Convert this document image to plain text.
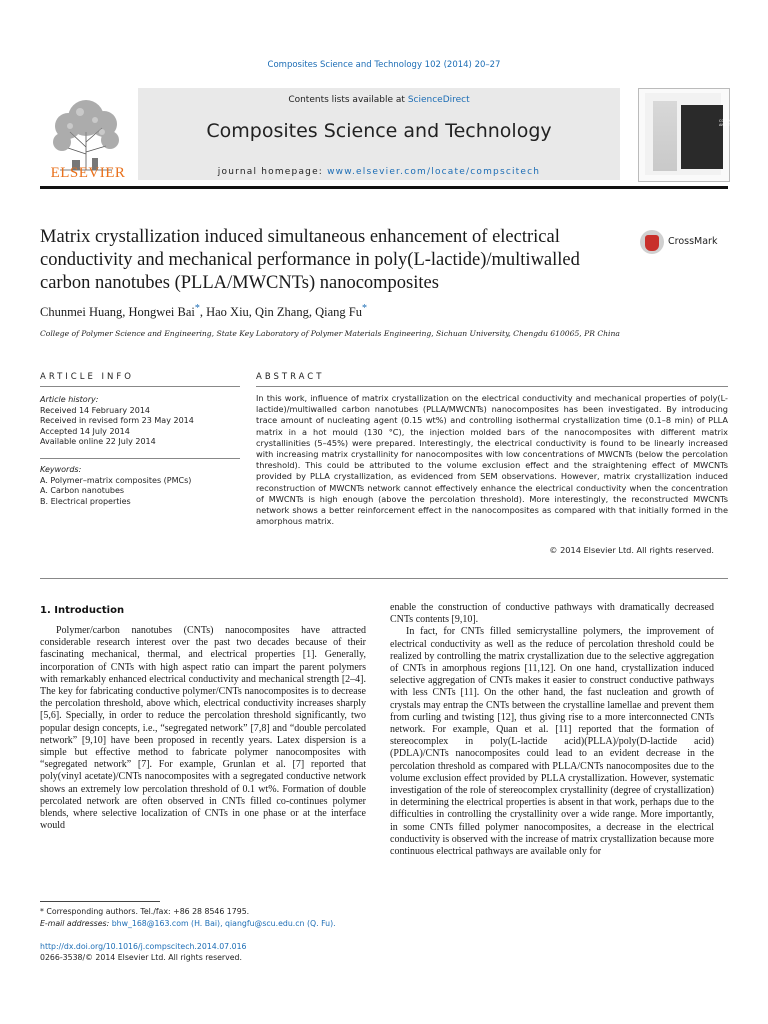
Composites Science and Technology 102 (2014) 20–27
ELSEVIER
Contents lists available at ScienceDirect
Composites Science and Technology
journal homepage: www.elsevier.com/locate/compscitech
COMPOSITES SCIENCE AND TECHNOLOGY
Matrix crystallization induced simultaneous enhancement of electrical conductivity and mechanical performance in poly(L-lactide)/multiwalled carbon nanotubes (PLLA/MWCNTs) nanocomposites
CrossMark
Chunmei Huang, Hongwei Bai*, Hao Xiu, Qin Zhang, Qiang Fu*
College of Polymer Science and Engineering, State Key Laboratory of Polymer Materials Engineering, Sichuan University, Chengdu 610065, PR China
ARTICLE INFO	ABSTRACT
Article history:
Received 14 February 2014
Received in revised form 23 May 2014
Accepted 14 July 2014
Available online 22 July 2014
Keywords:
A. Polymer–matrix composites (PMCs)
A. Carbon nanotubes
B. Electrical properties
In this work, influence of matrix crystallization on the electrical conductivity and mechanical properties of poly(L-lactide)/multiwalled carbon nanotubes (PLLA/MWCNTs) nanocomposites has been investigated. By introducing trace amount of nucleating agent (0.15 wt%) and controlling isothermal crystallization time (0.1–8 min) of PLLA matrix in a hot mould (130 °C), the injection molded bars of the nanocomposites with different matrix crystallinities (5–45%) were prepared. Interestingly, the electrical conductivity is found to be linearly increased with increasing matrix crystallinity for nanocomposites with low concentrations of MWCNTs (below the percolation threshold). This could be attributed to the volume exclusion effect and the straightening effect of MWCNTs provided by PLLA crystallization, as evidenced from SEM observations. However, matrix crystallization induced reconstruction of MWCNTs network cannot effectively enhance the electrical conductivity when the concentration of MWCNTs is high enough (above the percolation threshold). More interestingly, the reconstructed MWCNTs network shows a better reinforcement effect in the nanocomposites as compared with that initially formed in the amorphous matrix.
© 2014 Elsevier Ltd. All rights reserved.
1. Introduction

Polymer/carbon nanotubes (CNTs) nanocomposites have attracted considerable research interest over the past two decades because of their fascinating mechanical, thermal, and electrical properties [1]. Generally, incorporation of CNTs with high aspect ratio can impart the parent polymers with remarkably enhanced electrical conductivity and mechanical strength [2–4]. The key for fabricating conductive polymer/CNTs nanocomposites is to decrease the percolation threshold, above which, electrical conductivity increases sharply [5,6]. Specially, in order to reduce the percolation threshold significantly, two popular design concepts, i.e., “segregated network” [7,8] and “double percolated network” [9,10] have been proposed in recently years. Latex dispersion is a simple but effective method to fabricate polymer nanocomposites with “segregated network” [7]. For example, Grunlan et al. [7] reported that poly(vinyl acetate)/CNTs nanocomposites with a segregated conductive network shows an extremely low percolation threshold of 0.1 wt%. Formation of double percolated network are often observed in CNTs filled co-continues polymer blends, where selective localization of CNTs in one phase or at the interface would

enable the construction of conductive pathways with dramatically decreased CNTs contents [9,10].

In fact, for CNTs filled semicrystalline polymers, the improvement of electrical conductivity as well as the reduce of percolation threshold could be realized by controlling the matrix crystallization due to the selective aggregation of CNTs in amorphous regions [11,12]. On one hand, crystallization induced selective aggregation of CNTs makes it easier to construct conductive pathways with less CNTs [11]. On the other hand, the fast nucleation and growth of crystals may entrap the CNTs between the crystalline lamellae and prevent them from curling and twisting [12], thus giving rise to a more interconnected CNTs network. For example, Quan et al. [11] reported that the formation of stereocomplex in poly(L-lactide acid)(PLLA)/poly(D-lactide acid)(PDLA)/CNTs nanocomposites could lead to an evident decrease in the percolation threshold as compared with PLLA/CNTs nanocomposites due to the volume exclusion effect provided by PLLA crystallization. However, systematic investigation of the role of stereocomplex crystallinity (degree of crystallization) in determining the electrical properties is absent in that work, perhaps due to the difficulties in controlling the crystallinity over a wide range. More importantly, in some CNTs filled polymer nanocomposites, a decrease in the electrical conductivity is observed with the increase of matrix crystallization because more continuous electrical pathways are available only for

* Corresponding authors. Tel./fax: +86 28 8546 1795.
E-mail addresses: bhw_168@163.com (H. Bai), qiangfu@scu.edu.cn (Q. Fu).
http://dx.doi.org/10.1016/j.compscitech.2014.07.016
0266-3538/© 2014 Elsevier Ltd. All rights reserved.
